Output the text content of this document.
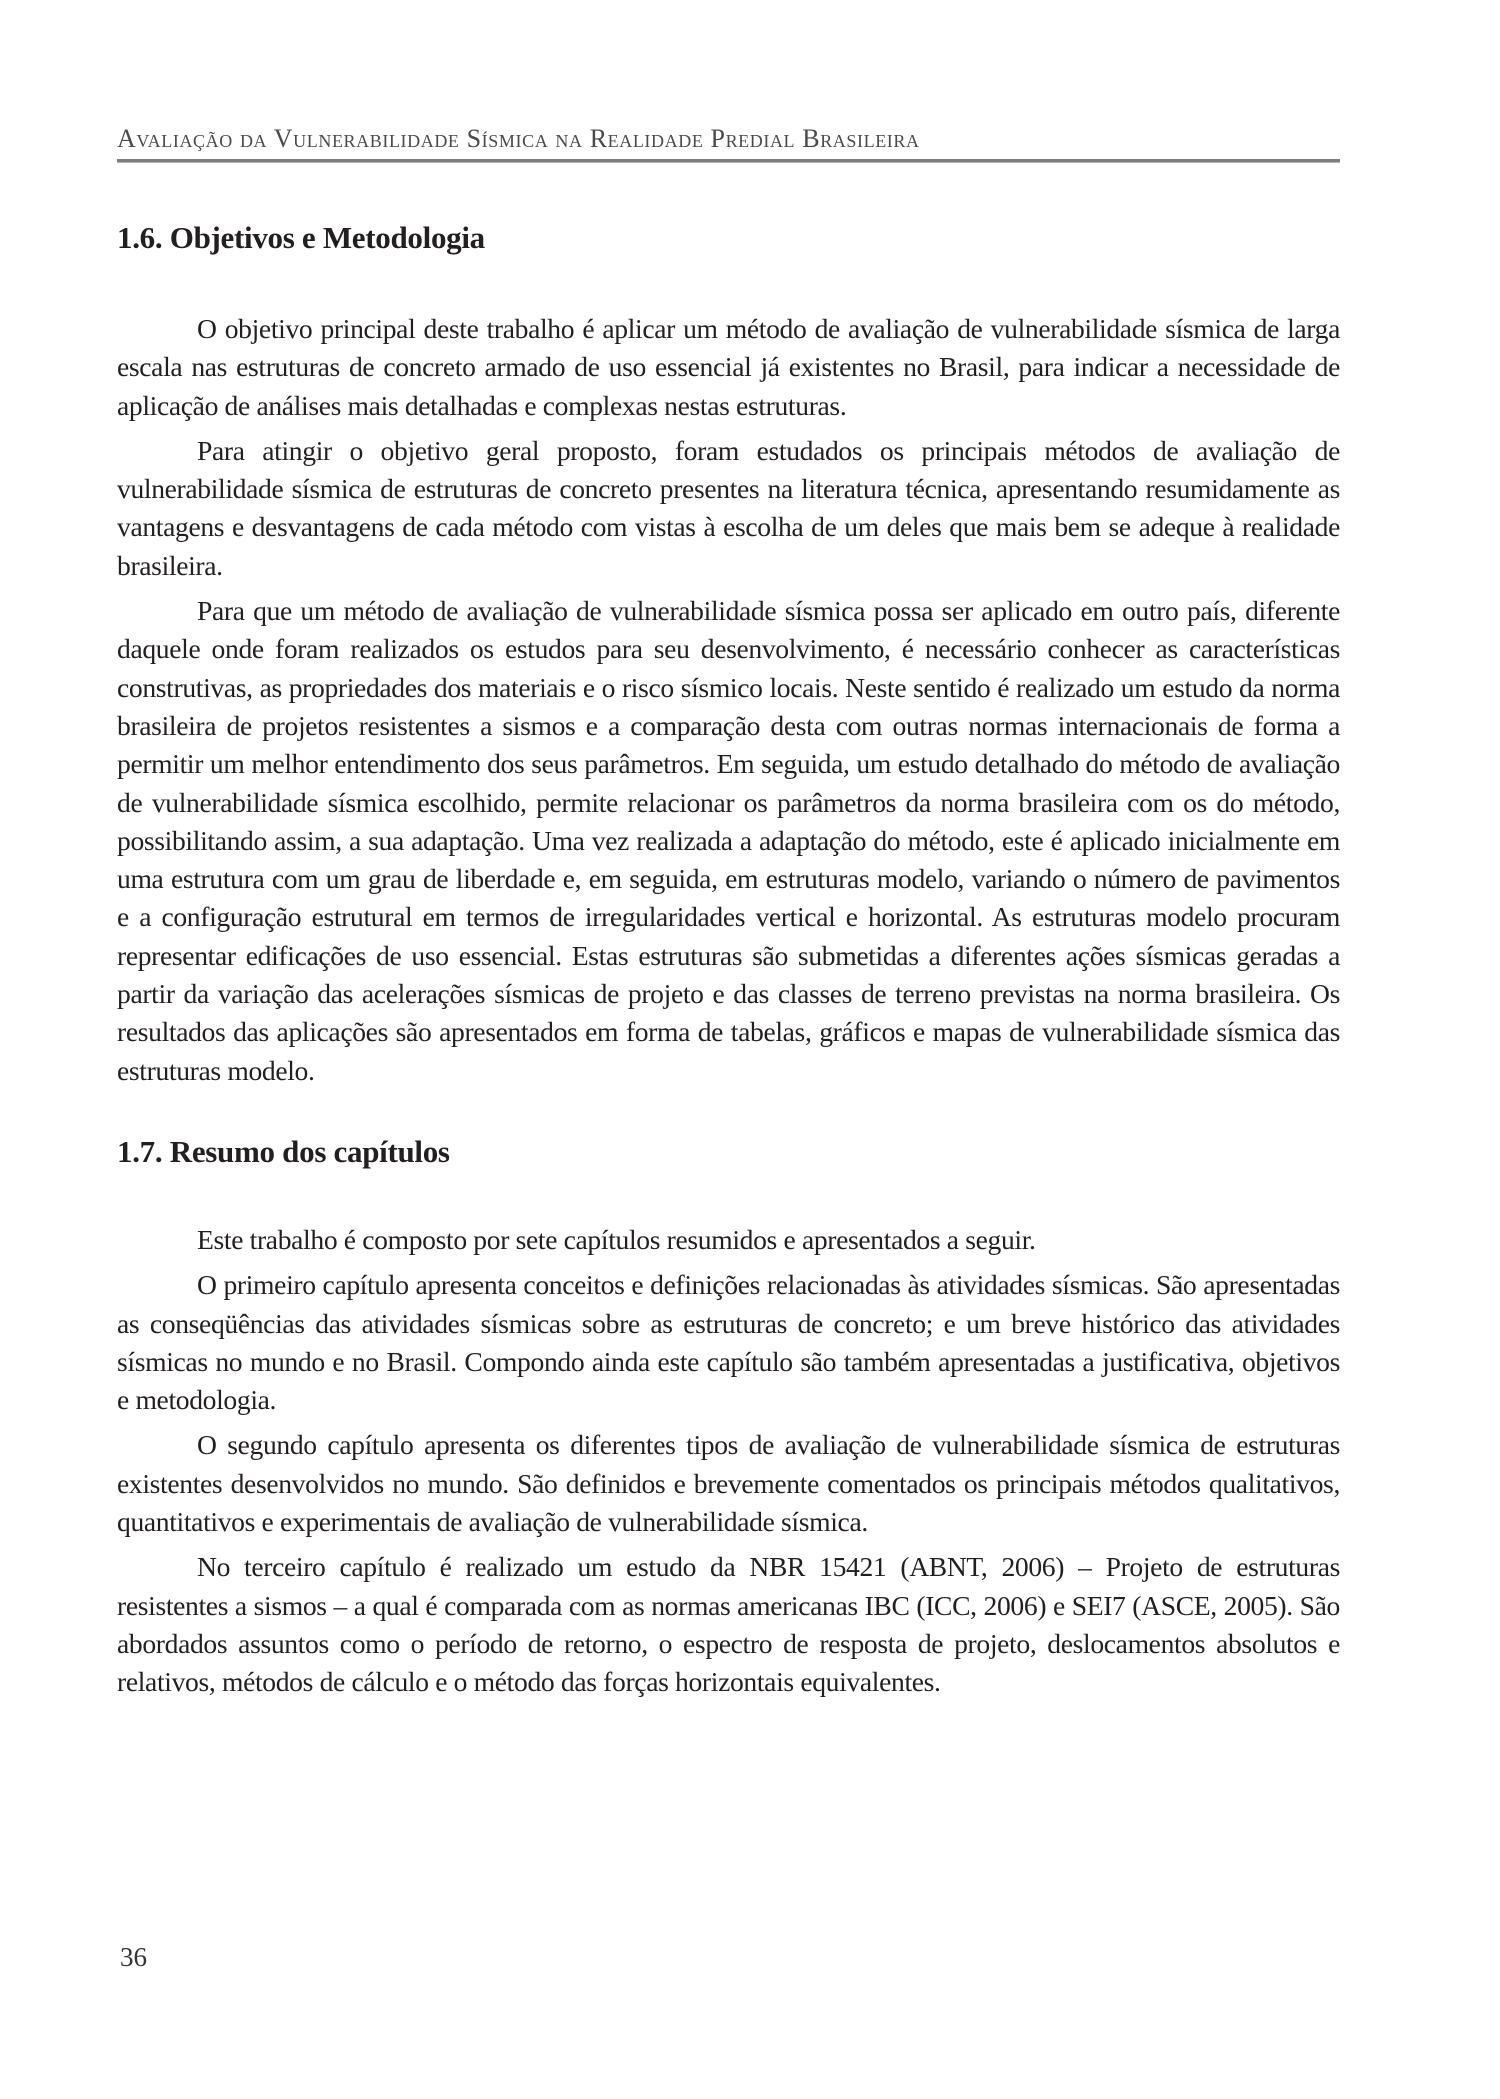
Avaliação da Vulnerabilidade Sísmica na Realidade Predial Brasileira
1.6. Objetivos e Metodologia

O objetivo principal deste trabalho é aplicar um método de avaliação de vulnerabilidade sísmica de larga escala nas estruturas de concreto armado de uso essencial já existentes no Brasil, para indicar a necessidade de aplicação de análises mais detalhadas e complexas nestas estruturas.

Para atingir o objetivo geral proposto, foram estudados os principais métodos de avaliação de vulnerabilidade sísmica de estruturas de concreto presentes na literatura técnica, apresentando resumidamente as vantagens e desvantagens de cada método com vistas à escolha de um deles que mais bem se adeque à realidade brasileira.

Para que um método de avaliação de vulnerabilidade sísmica possa ser aplicado em outro país, diferente daquele onde foram realizados os estudos para seu desenvolvimento, é necessário conhecer as características construtivas, as propriedades dos materiais e o risco sísmico locais. Neste sentido é realizado um estudo da norma brasileira de projetos resistentes a sismos e a comparação desta com outras normas internacionais de forma a permitir um melhor entendimento dos seus parâmetros. Em seguida, um estudo detalhado do método de avaliação de vulnerabilidade sísmica escolhido, permite relacionar os parâmetros da norma brasileira com os do método, possibilitando assim, a sua adaptação. Uma vez realizada a adaptação do método, este é aplicado inicialmente em uma estrutura com um grau de liberdade e, em seguida, em estruturas modelo, variando o número de pavimentos e a configuração estrutural em termos de irregularidades vertical e horizontal. As estruturas modelo procuram representar edificações de uso essencial. Estas estruturas são submetidas a diferentes ações sísmicas geradas a partir da variação das acelerações sísmicas de projeto e das classes de terreno previstas na norma brasileira. Os resultados das aplicações são apresentados em forma de tabelas, gráficos e mapas de vulnerabilidade sísmica das estruturas modelo.

1.7. Resumo dos capítulos

Este trabalho é composto por sete capítulos resumidos e apresentados a seguir.

O primeiro capítulo apresenta conceitos e definições relacionadas às atividades sísmicas. São apresentadas as conseqüências das atividades sísmicas sobre as estruturas de concreto; e um breve histórico das atividades sísmicas no mundo e no Brasil. Compondo ainda este capítulo são também apresentadas a justificativa, objetivos e metodologia.

O segundo capítulo apresenta os diferentes tipos de avaliação de vulnerabilidade sísmica de estruturas existentes desenvolvidos no mundo. São definidos e brevemente comentados os principais métodos qualitativos, quantitativos e experimentais de avaliação de vulnerabilidade sísmica.

No terceiro capítulo é realizado um estudo da NBR 15421 (ABNT, 2006) – Projeto de estruturas resistentes a sismos – a qual é comparada com as normas americanas IBC (ICC, 2006) e SEI7 (ASCE, 2005). São abordados assuntos como o período de retorno, o espectro de resposta de projeto, deslocamentos absolutos e relativos, métodos de cálculo e o método das forças horizontais equivalentes.

36
